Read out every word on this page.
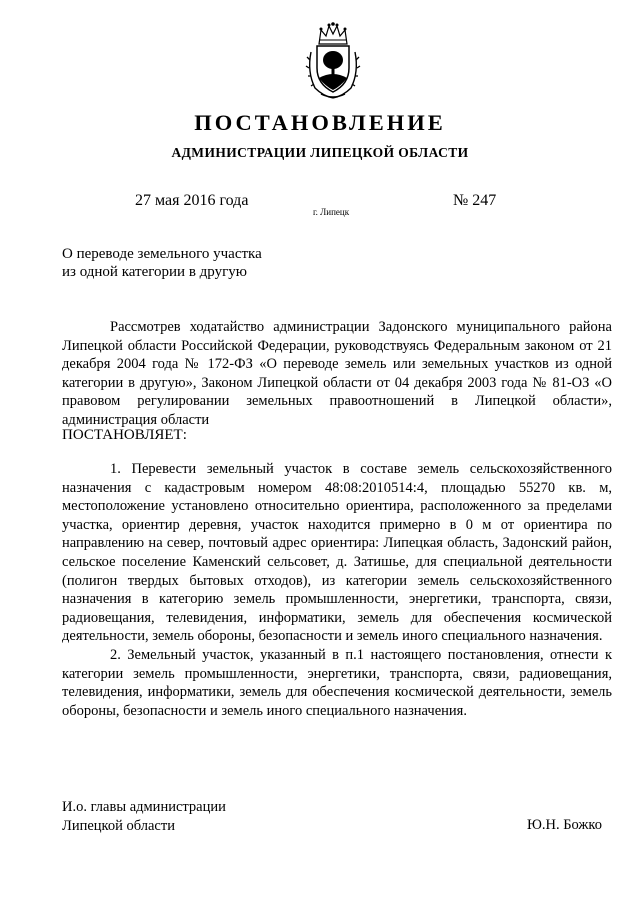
ПОСТАНОВЛЕНИЕ
АДМИНИСТРАЦИИ ЛИПЕЦКОЙ ОБЛАСТИ
27 мая 2016 года
г. Липецк
№ 247
О переводе земельного участка
из одной категории в другую

Рассмотрев ходатайство администрации Задонского муниципального района Липецкой области Российской Федерации, руководствуясь Федеральным законом от 21 декабря 2004 года № 172-ФЗ «О переводе земель или земельных участков из одной категории в другую», Законом Липецкой области от 04 декабря 2003 года № 81-ОЗ «О правовом регулировании земельных правоотношений в Липецкой области», администрация области

ПОСТАНОВЛЯЕТ:

1. Перевести земельный участок в составе земель сельскохозяйственного назначения с кадастровым номером 48:08:2010514:4, площадью 55270 кв. м, местоположение установлено относительно ориентира, расположенного за пределами участка, ориентир деревня, участок находится примерно в 0 м от ориентира по направлению на север, почтовый адрес ориентира: Липецкая область, Задонский район, сельское поселение Каменский сельсовет, д. Затишье, для специальной деятельности (полигон твердых бытовых отходов), из категории земель сельскохозяйственного назначения в категорию земель промышленности, энергетики, транспорта, связи, радиовещания, телевидения, информатики, земель для обеспечения космической деятельности, земель обороны, безопасности и земель иного специального назначения.

2. Земельный участок, указанный в п.1 настоящего постановления, отнести к категории земель промышленности, энергетики, транспорта, связи, радиовещания, телевидения, информатики, земель для обеспечения космической деятельности, земель обороны, безопасности и земель иного специального назначения.

И.о. главы администрации
Липецкой области	Ю.Н. Божко
